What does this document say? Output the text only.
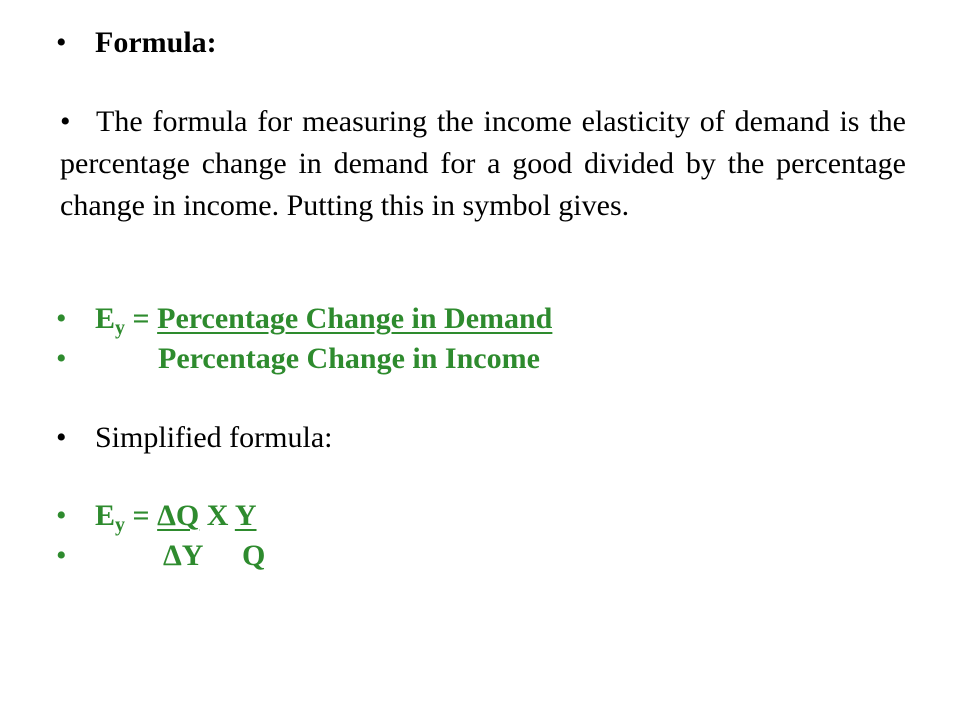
• Formula:
• The formula for measuring the income elasticity of demand is the percentage change in demand for a good divided by the percentage change in income. Putting this in symbol gives.
• $E_y$ = Percentage Change in Demand
•	Percentage Change in Income
• Simplified formula:
• $E_y = \Delta Q$ X Y
•	ΔY Q
